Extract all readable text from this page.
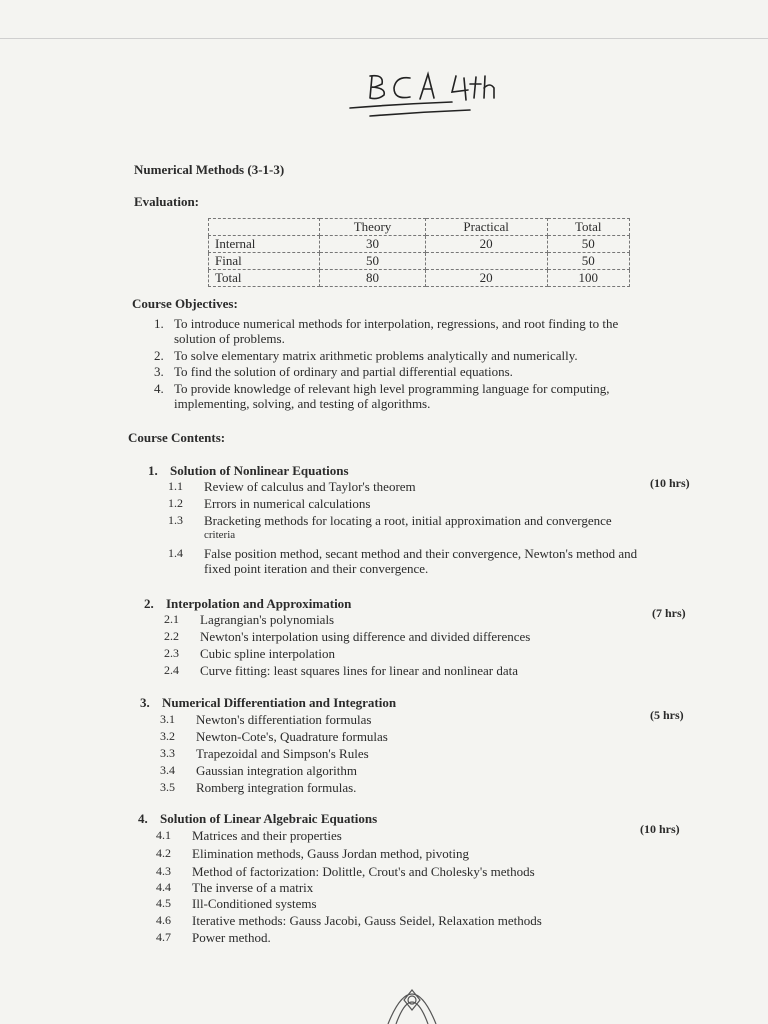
Numerical Methods (3-1-3)
Evaluation:
	Theory	Practical	Total
Internal	30	20	50
Final	50		50
Total	80	20	100
Course Objectives:
1. To introduce numerical methods for interpolation, regressions, and root finding to the
solution of problems.
2. To solve elementary matrix arithmetic problems analytically and numerically.
3. To find the solution of ordinary and partial differential equations.
4. To provide knowledge of relevant high level programming language for computing,
implementing, solving, and testing of algorithms.
Course Contents:
1. Solution of Nonlinear Equations
(10 hrs)
1.1 Review of calculus and Taylor's theorem
1.2 Errors in numerical calculations
1.3 Bracketing methods for locating a root, initial approximation and convergence
criteria
1.4 False position method, secant method and their convergence, Newton's method and
fixed point iteration and their convergence.
2. Interpolation and Approximation
(7 hrs)
2.1 Lagrangian's polynomials
2.2 Newton's interpolation using difference and divided differences
2.3 Cubic spline interpolation
2.4 Curve fitting: least squares lines for linear and nonlinear data
3. Numerical Differentiation and Integration
(5 hrs)
3.1 Newton's differentiation formulas
3.2 Newton-Cote's, Quadrature formulas
3.3 Trapezoidal and Simpson's Rules
3.4 Gaussian integration algorithm
3.5 Romberg integration formulas.
4. Solution of Linear Algebraic Equations
(10 hrs)
4.1 Matrices and their properties
4.2 Elimination methods, Gauss Jordan method, pivoting
4.3 Method of factorization: Dolittle, Crout's and Cholesky's methods
4.4 The inverse of a matrix
4.5 Ill-Conditioned systems
4.6 Iterative methods: Gauss Jacobi, Gauss Seidel, Relaxation methods
4.7 Power method.
